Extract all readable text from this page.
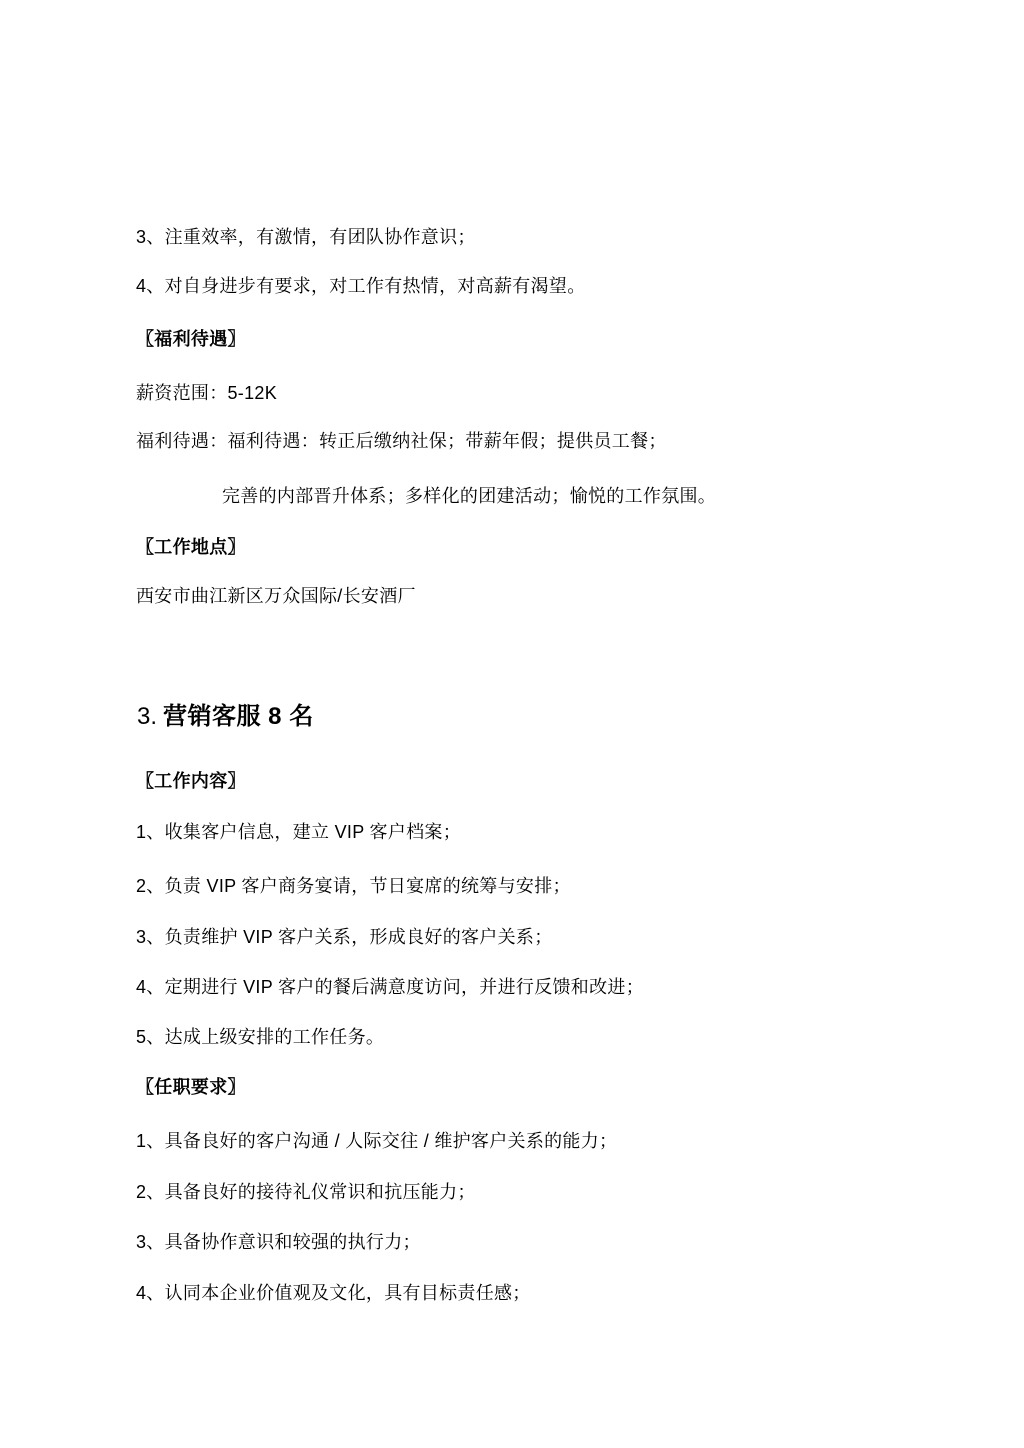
3、注重效率，有激情，有团队协作意识；

4、对自身进步有要求，对工作有热情，对高薪有渴望。

〖福利待遇〗

薪资范围：5-12K

福利待遇：福利待遇：转正后缴纳社保；带薪年假；提供员工餐；

完善的内部晋升体系；多样化的团建活动；愉悦的工作氛围。

〖工作地点〗

西安市曲江新区万众国际/长安酒厂

3. 营销客服 8 名

〖工作内容〗

1、收集客户信息，建立 VIP 客户档案；

2、负责 VIP 客户商务宴请，节日宴席的统筹与安排；

3、负责维护 VIP 客户关系，形成良好的客户关系；

4、定期进行 VIP 客户的餐后满意度访问，并进行反馈和改进；

5、达成上级安排的工作任务。

〖任职要求〗

1、具备良好的客户沟通 / 人际交往 / 维护客户关系的能力；

2、具备良好的接待礼仪常识和抗压能力；

3、具备协作意识和较强的执行力；

4、认同本企业价值观及文化，具有目标责任感；
